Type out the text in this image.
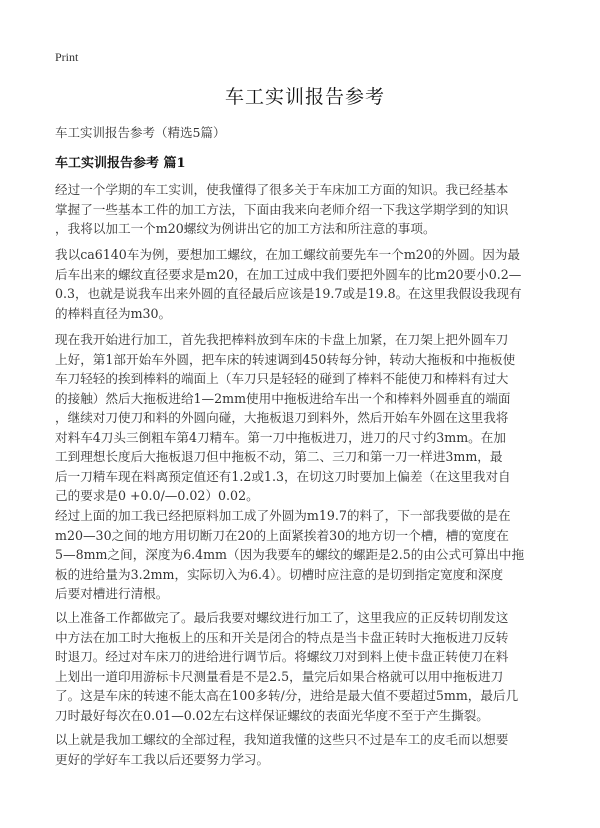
Print
车工实训报告参考
车工实训报告参考（精选5篇）
车工实训报告参考 篇1
经过一个学期的车工实训，使我懂得了很多关于车床加工方面的知识。我已经基本
掌握了一些基本工件的加工方法，下面由我来向老师介绍一下我这学期学到的知识
，我将以加工一个m20螺纹为例讲出它的加工方法和所注意的事项。
我以ca6140车为例，要想加工螺纹，在加工螺纹前要先车一个m20的外圆。因为最
后车出来的螺纹直径要求是m20，在加工过成中我们要把外圆车的比m20要小0.2—
0.3，也就是说我车出来外圆的直径最后应该是19.7或是19.8。在这里我假设我现有
的棒料直径为m30。
现在我开始进行加工，首先我把棒料放到车床的卡盘上加紧，在刀架上把外圆车刀
上好，第1部开始车外圆，把车床的转速调到450转每分钟，转动大拖板和中拖板使
车刀轻轻的挨到棒料的端面上（车刀只是轻轻的碰到了棒料不能使刀和棒料有过大
的接触）然后大拖板进给1—2mm使用中拖板进给车出一个和棒料外圆垂直的端面
，继续对刀使刀和料的外圆向碰，大拖板退刀到料外，然后开始车外圆在这里我将
对料车4刀头三倒粗车第4刀精车。第一刀中拖板进刀，进刀的尺寸约3mm。在加
工到理想长度后大拖板退刀但中拖板不动，第二、三刀和第一刀一样进3mm，最
后一刀精车现在料离预定值还有1.2或1.3，在切这刀时要加上偏差（在这里我对自
己的要求是0 +0.0/—0.02）0.02。
经过上面的加工我已经把原料加工成了外圆为m19.7的料了，下一部我要做的是在
m20—30之间的地方用切断刀在20的上面紧挨着30的地方切一个槽，槽的宽度在
5—8mm之间，深度为6.4mm（因为我要车的螺纹的螺距是2.5的由公式可算出中拖
板的进给量为3.2mm，实际切入为6.4）。切槽时应注意的是切到指定宽度和深度
后要对槽进行清根。
以上准备工作都做完了。最后我要对螺纹进行加工了，这里我应的正反转切削发这
中方法在加工时大拖板上的压和开关是闭合的特点是当卡盘正转时大拖板进刀反转
时退刀。经过对车床刀的进给进行调节后。将螺纹刀对到料上使卡盘正转使刀在料
上划出一道印用游标卡尺测量看是不是2.5，量完后如果合格就可以用中拖板进刀
了。这是车床的转速不能太高在100多转/分，进给是最大值不要超过5mm，最后几
刀时最好每次在0.01—0.02左右这样保证螺纹的表面光华度不至于产生撕裂。
以上就是我加工螺纹的全部过程，我知道我懂的这些只不过是车工的皮毛而以想要
更好的学好车工我以后还要努力学习。
